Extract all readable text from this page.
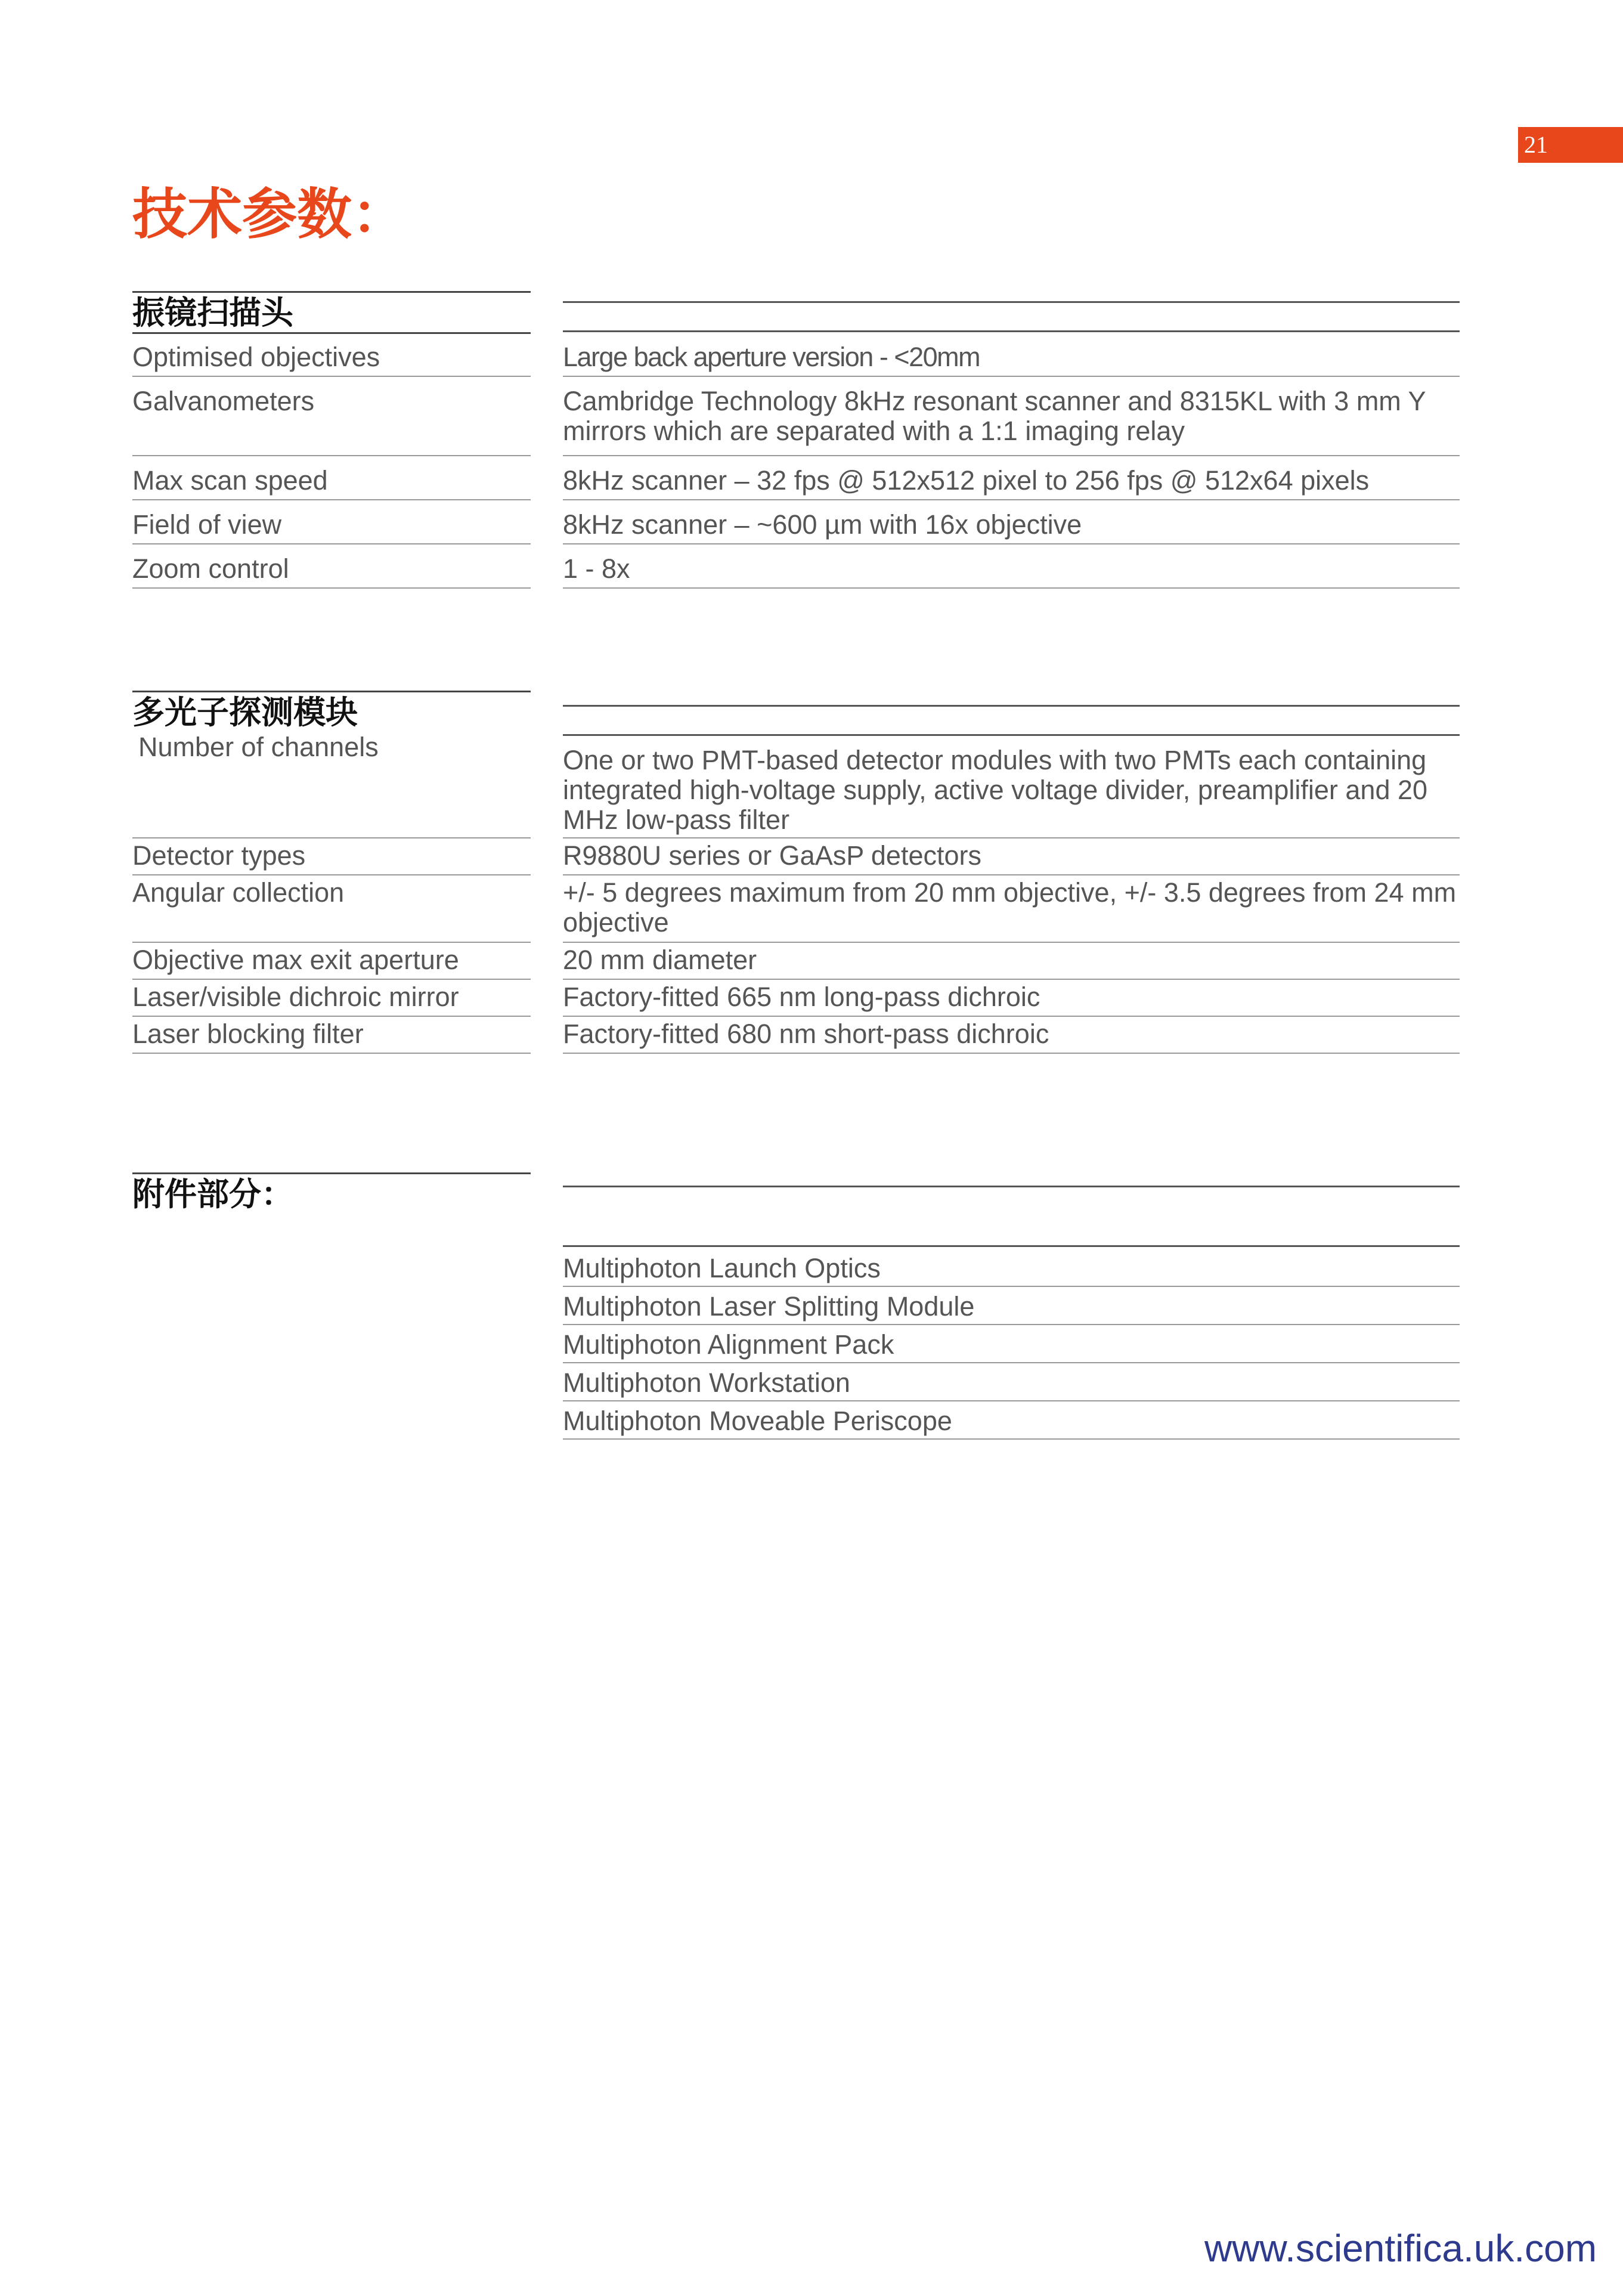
21
技术参数：
振镜扫描头
Optimised objectives	Large back aperture version - <20mm
Galvanometers	Cambridge Technology 8kHz resonant scanner and 8315KL with 3 mm Y mirrors which are separated with a 1:1 imaging relay
Max scan speed	8kHz scanner – 32 fps @ 512x512 pixel to 256 fps @ 512x64 pixels
Field of view	8kHz scanner – ~600 µm with 16x objective
Zoom control	1 - 8x
多光子探测模块
Number of channels	One or two PMT-based detector modules with two PMTs each containing integrated high-voltage supply, active voltage divider, preamplifier and 20 MHz low-pass filter
Detector types	R9880U series or GaAsP detectors
Angular collection	+/- 5 degrees maximum from 20 mm objective, +/- 3.5 degrees from 24 mm objective
Objective max exit aperture	20 mm diameter
Laser/visible dichroic mirror	Factory-fitted 665 nm long-pass dichroic
Laser blocking filter	Factory-fitted 680 nm short-pass dichroic
附件部分：
Multiphoton Launch Optics
Multiphoton Laser Splitting Module
Multiphoton Alignment Pack
Multiphoton Workstation
Multiphoton Moveable Periscope
www.scientifica.uk.com
